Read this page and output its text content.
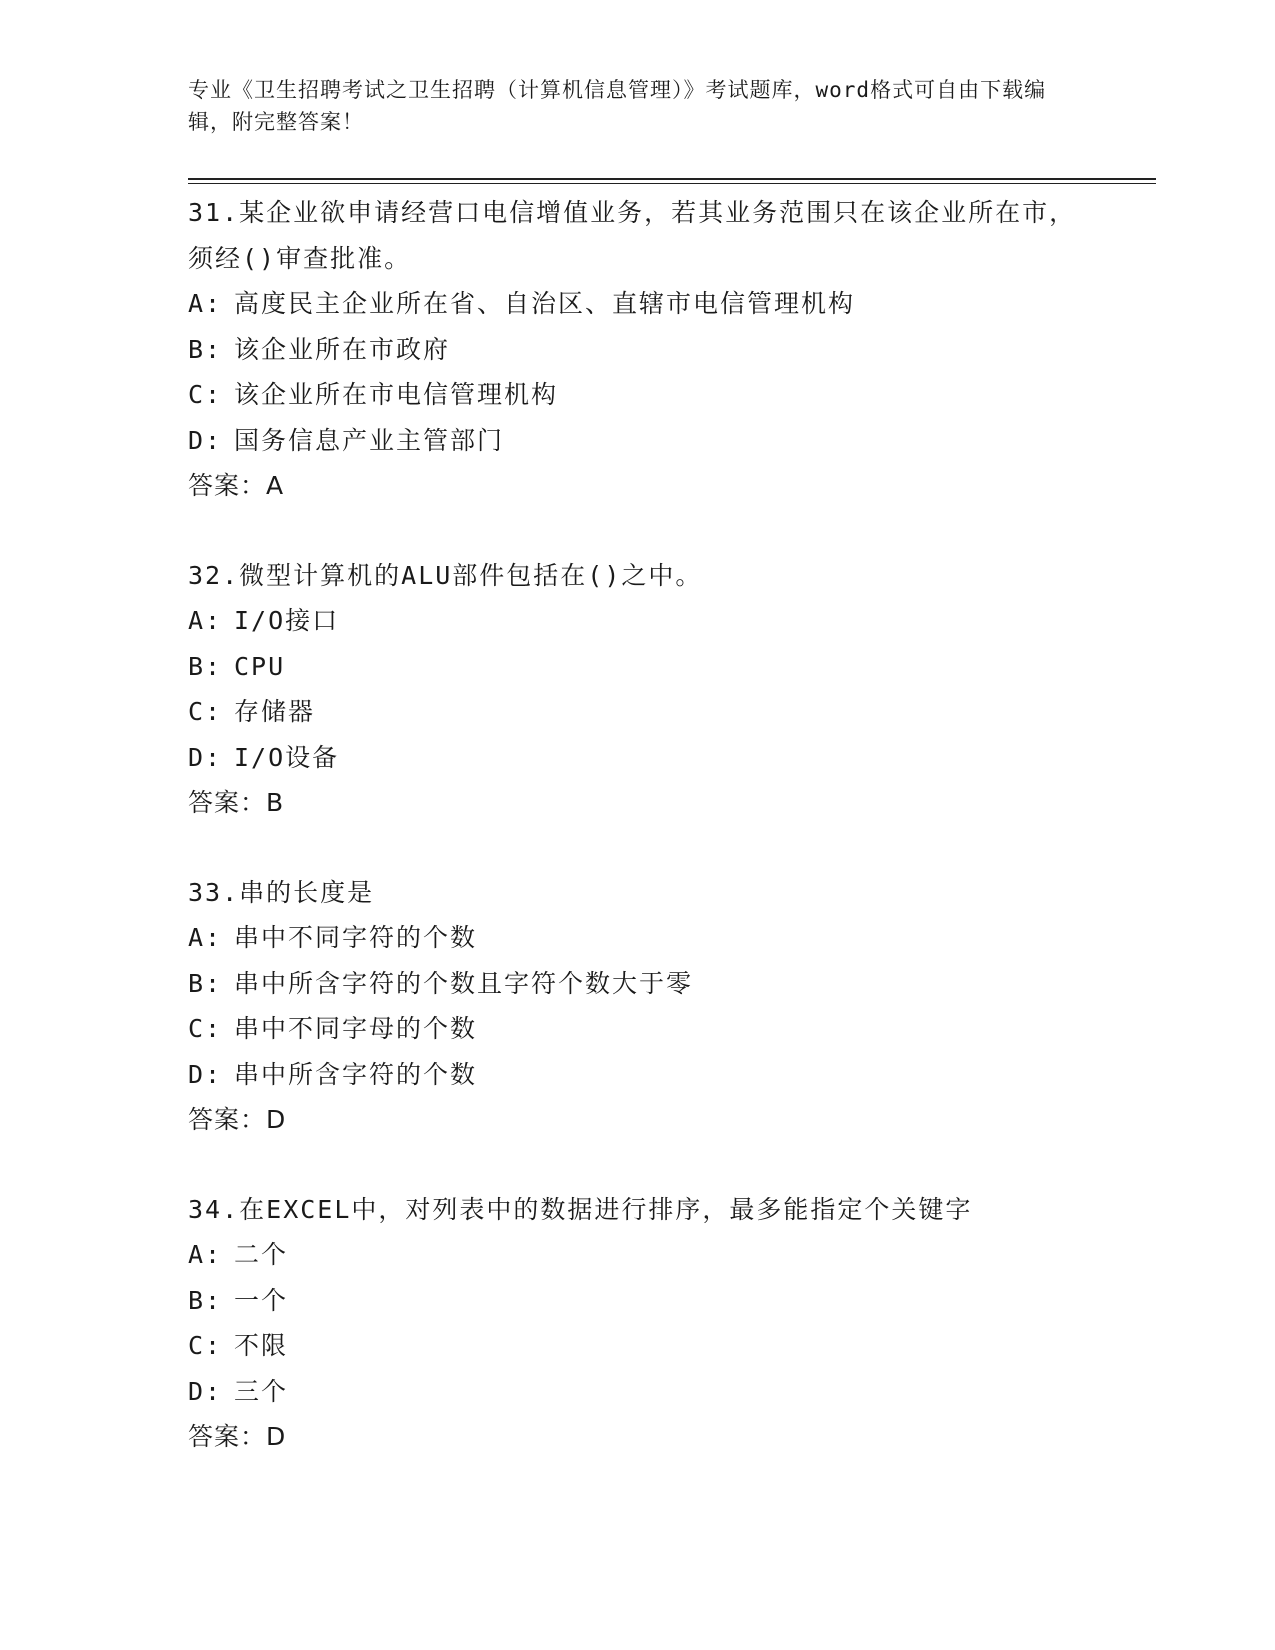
专业《卫生招聘考试之卫生招聘（计算机信息管理）》考试题库，word格式可自由下载编辑，附完整答案！
31.某企业欲申请经营口电信增值业务，若其业务范围只在该企业所在市，须经()审查批准。
A: 高度民主企业所在省、自治区、直辖市电信管理机构
B: 该企业所在市政府
C: 该企业所在市电信管理机构
D: 国务信息产业主管部门
答案：A
32.微型计算机的ALU部件包括在()之中。
A: I/O接口
B: CPU
C: 存储器
D: I/O设备
答案：B
33.串的长度是
A: 串中不同字符的个数
B: 串中所含字符的个数且字符个数大于零
C: 串中不同字母的个数
D: 串中所含字符的个数
答案：D
34.在EXCEL中，对列表中的数据进行排序，最多能指定个关键字
A: 二个
B: 一个
C: 不限
D: 三个
答案：D
